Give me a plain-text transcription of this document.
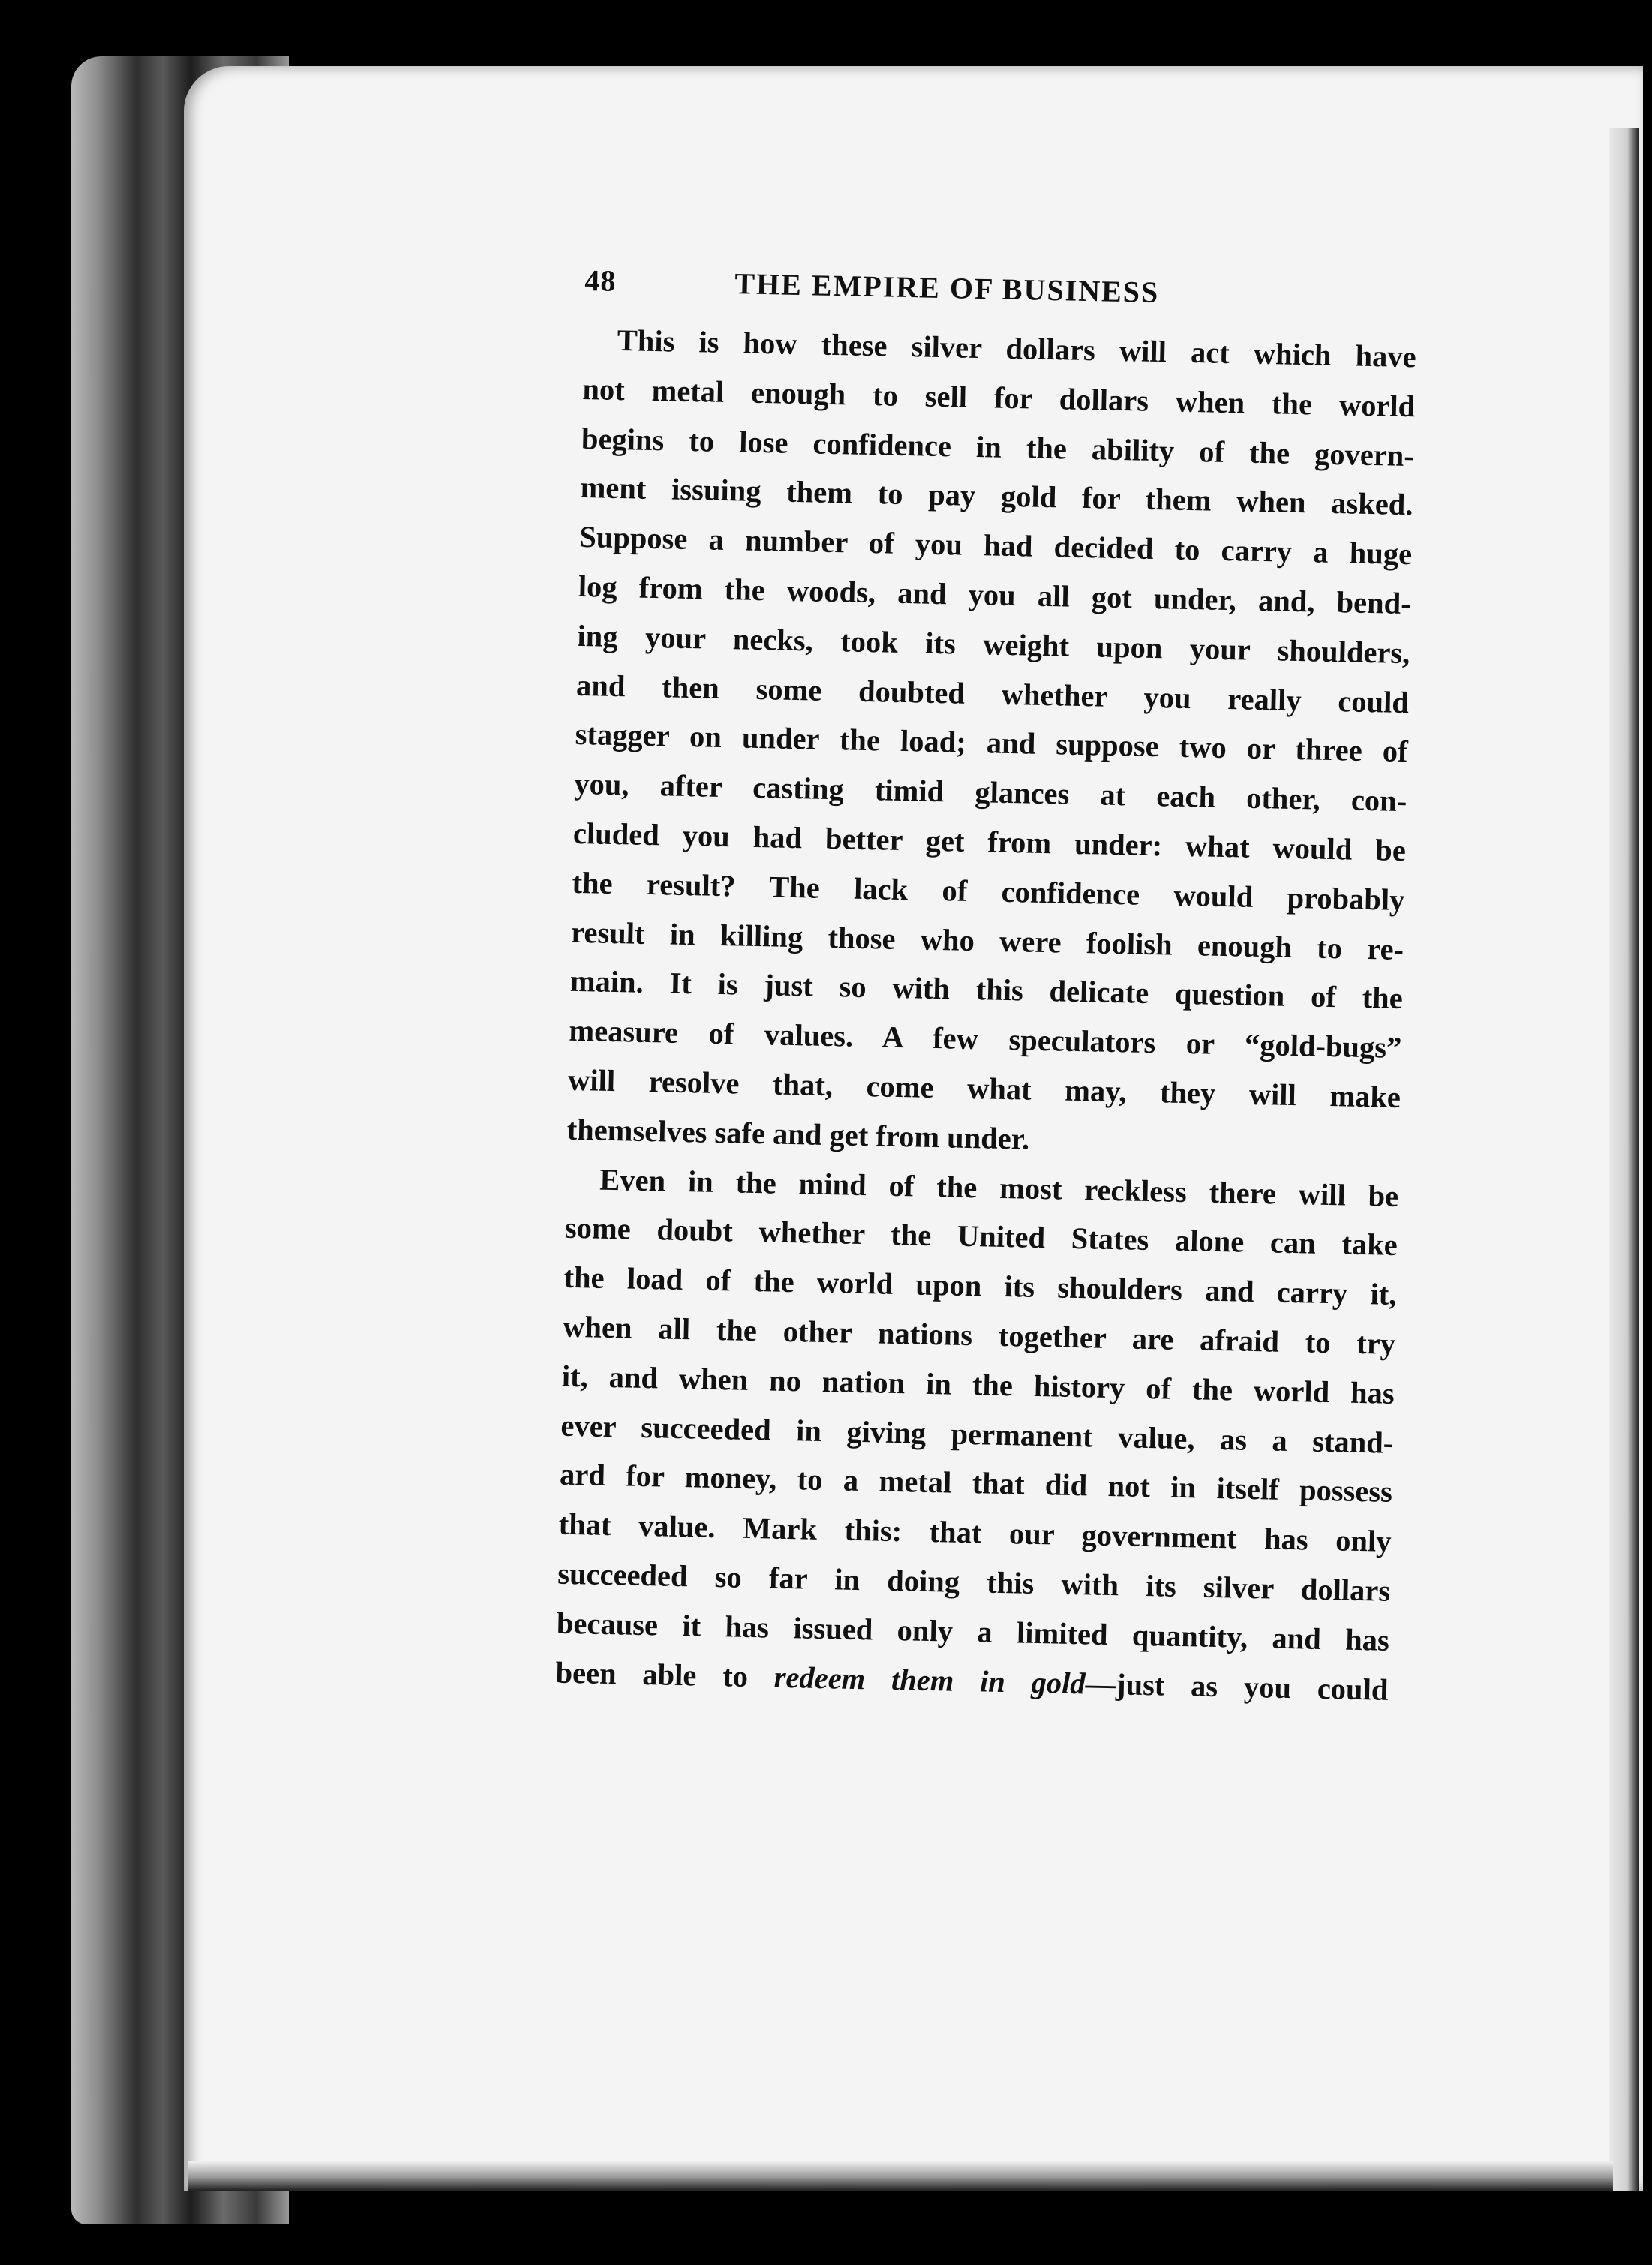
48	THE EMPIRE OF BUSINESS

This is how these silver dollars will act which have
not metal enough to sell for dollars when the world
begins to lose confidence in the ability of the govern-
ment issuing them to pay gold for them when asked.
Suppose a number of you had decided to carry a huge
log from the woods, and you all got under, and, bend-
ing your necks, took its weight upon your shoulders,
and then some doubted whether you really could
stagger on under the load; and suppose two or three of
you, after casting timid glances at each other, con-
cluded you had better get from under: what would be
the result? The lack of confidence would probably
result in killing those who were foolish enough to re-
main. It is just so with this delicate question of the
measure of values. A few speculators or “gold-bugs”
will resolve that, come what may, they will make
themselves safe and get from under.

Even in the mind of the most reckless there will be
some doubt whether the United States alone can take
the load of the world upon its shoulders and carry it,
when all the other nations together are afraid to try
it, and when no nation in the history of the world has
ever succeeded in giving permanent value, as a stand-
ard for money, to a metal that did not in itself possess
that value. Mark this: that our government has only
succeeded so far in doing this with its silver dollars
because it has issued only a limited quantity, and has
been able to redeem them in gold—just as you could
